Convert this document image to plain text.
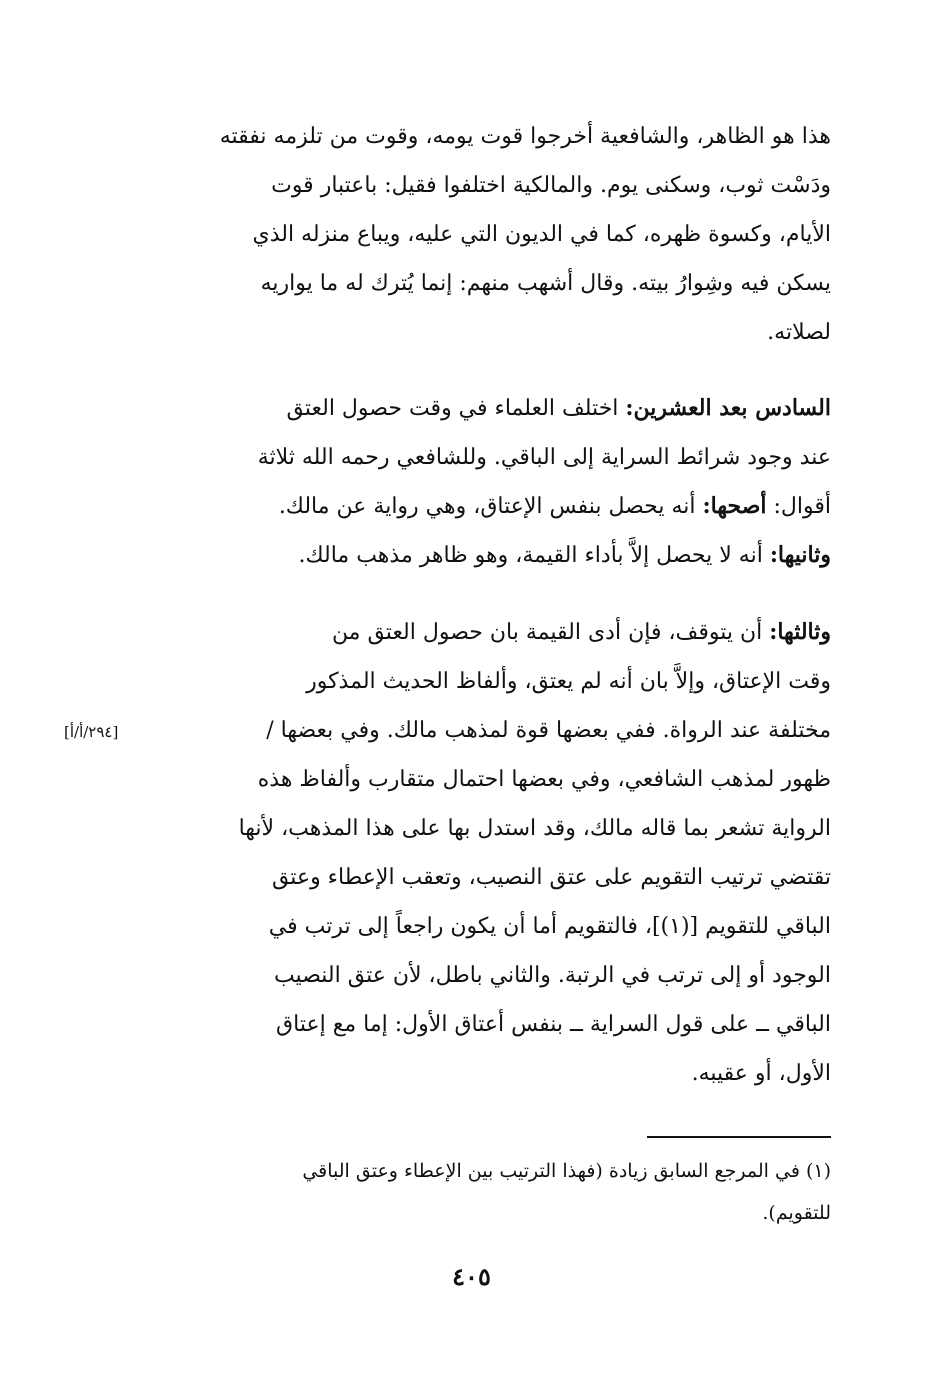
هذا هو الظاهر، والشافعية أخرجوا قوت يومه، وقوت من تلزمه نفقته
ودَسْت ثوب، وسكنى يوم. والمالكية اختلفوا فقيل: باعتبار قوت
الأيام، وكسوة ظهره، كما في الديون التي عليه، ويباع منزله الذي
يسكن فيه وشِوارُ بيته. وقال أشهب منهم: إنما يُترك له ما يواريه
لصلاته.
السادس بعد العشرين: اختلف العلماء في وقت حصول العتق
عند وجود شرائط السراية إلى الباقي. وللشافعي رحمه الله ثلاثة
أقوال: أصحها: أنه يحصل بنفس الإعتاق، وهي رواية عن مالك.
وثانيها: أنه لا يحصل إلاَّ بأداء القيمة، وهو ظاهر مذهب مالك.
وثالثها: أن يتوقف، فإن أدى القيمة بان حصول العتق من
وقت الإعتاق، وإلاَّ بان أنه لم يعتق، وألفاظ الحديث المذكور
مختلفة عند الرواة. ففي بعضها قوة لمذهب مالك. وفي بعضها /
ظهور لمذهب الشافعي، وفي بعضها احتمال متقارب وألفاظ هذه
الرواية تشعر بما قاله مالك، وقد استدل بها على هذا المذهب، لأنها
تقتضي ترتيب التقويم على عتق النصيب، وتعقب الإعطاء وعتق
الباقي للتقويم [(١)]، فالتقويم أما أن يكون راجعاً إلى ترتب في
الوجود أو إلى ترتب في الرتبة. والثاني باطل، لأن عتق النصيب
الباقي ــ على قول السراية ــ بنفس أعتاق الأول: إما مع إعتاق
الأول، أو عقيبه.
[٢٩٤/أ/أ]
(١) في المرجع السابق زيادة (فهذا الترتيب بين الإعطاء وعتق الباقي
للتقويم).
٤٠٥
